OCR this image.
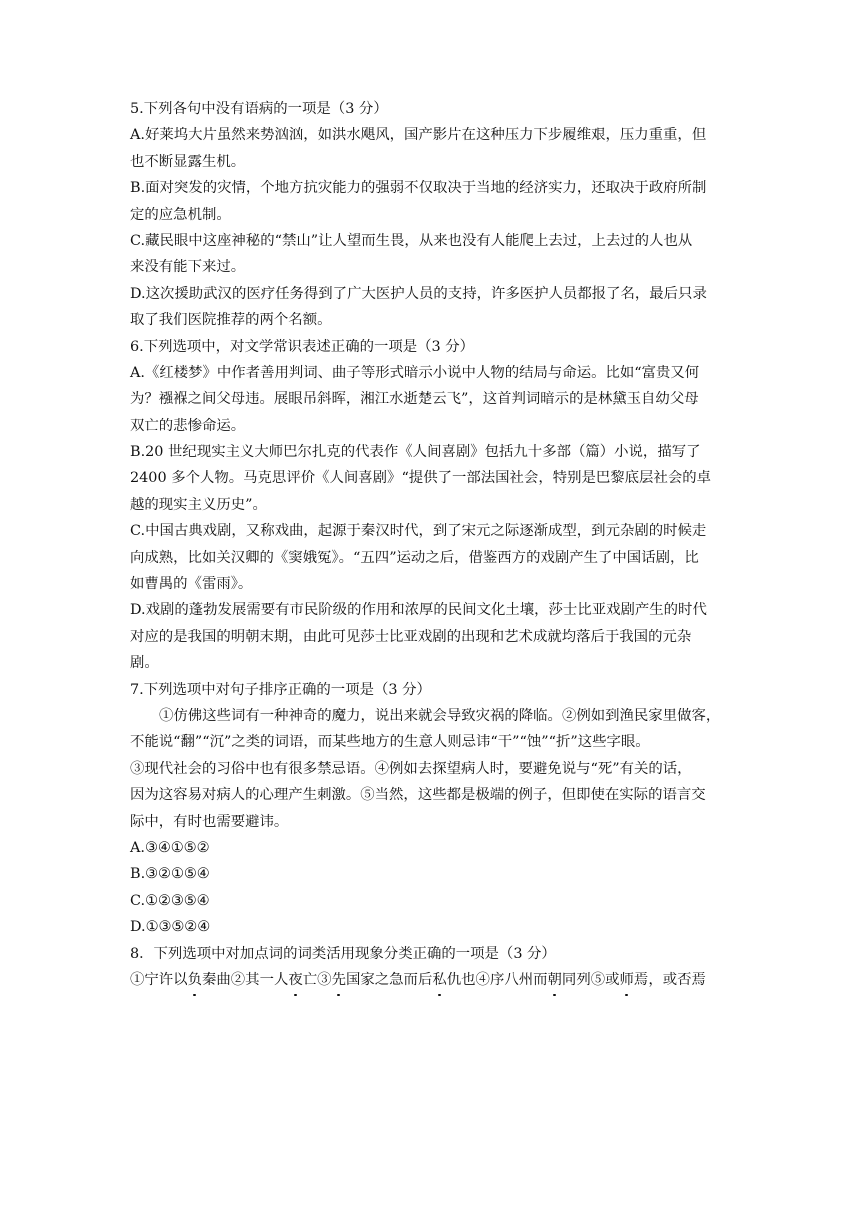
5.下列各句中没有语病的一项是（3 分）
A.好莱坞大片虽然来势汹汹，如洪水飓风，国产影片在这种压力下步履维艰，压力重重，但
也不断显露生机。
B.面对突发的灾情，个地方抗灾能力的强弱不仅取决于当地的经济实力，还取决于政府所制
定的应急机制。
C.藏民眼中这座神秘的“禁山”让人望而生畏，从来也没有人能爬上去过，上去过的人也从
来没有能下来过。
D.这次援助武汉的医疗任务得到了广大医护人员的支持，许多医护人员都报了名，最后只录
取了我们医院推荐的两个名额。
6.下列选项中，对文学常识表述正确的一项是（3 分）
A.《红楼梦》中作者善用判词、曲子等形式暗示小说中人物的结局与命运。比如“富贵又何
为？襁褓之间父母违。展眼吊斜晖，湘江水逝楚云飞”，这首判词暗示的是林黛玉自幼父母
双亡的悲惨命运。
B.20 世纪现实主义大师巴尔扎克的代表作《人间喜剧》包括九十多部（篇）小说，描写了
2400 多个人物。马克思评价《人间喜剧》“提供了一部法国社会，特别是巴黎底层社会的卓
越的现实主义历史”。
C.中国古典戏剧，又称戏曲，起源于秦汉时代，到了宋元之际逐渐成型，到元杂剧的时候走
向成熟，比如关汉卿的《窦娥冤》。“五四”运动之后，借鉴西方的戏剧产生了中国话剧，比
如曹禺的《雷雨》。
D.戏剧的蓬勃发展需要有市民阶级的作用和浓厚的民间文化土壤，莎士比亚戏剧产生的时代
对应的是我国的明朝末期，由此可见莎士比亚戏剧的出现和艺术成就均落后于我国的元杂
剧。
7.下列选项中对句子排序正确的一项是（3 分）
①仿佛这些词有一种神奇的魔力，说出来就会导致灾祸的降临。②例如到渔民家里做客，
不能说“翻”“沉”之类的词语，而某些地方的生意人则忌讳“干”“蚀”“折”这些字眼。
③现代社会的习俗中也有很多禁忌语。④例如去探望病人时，要避免说与“死”有关的话，
因为这容易对病人的心理产生刺激。⑤当然，这些都是极端的例子，但即使在实际的语言交
际中，有时也需要避讳。
A.③④①⑤②
B.③②①⑤④
C.①②③⑤④
D.①③⑤②④
8．下列选项中对加点词的词类活用现象分类正确的一项是（3 分）
①宁许以负秦曲②其一人夜亡③先国家之急而后私仇也④序八州而朝同列⑤或师焉，或否焉
